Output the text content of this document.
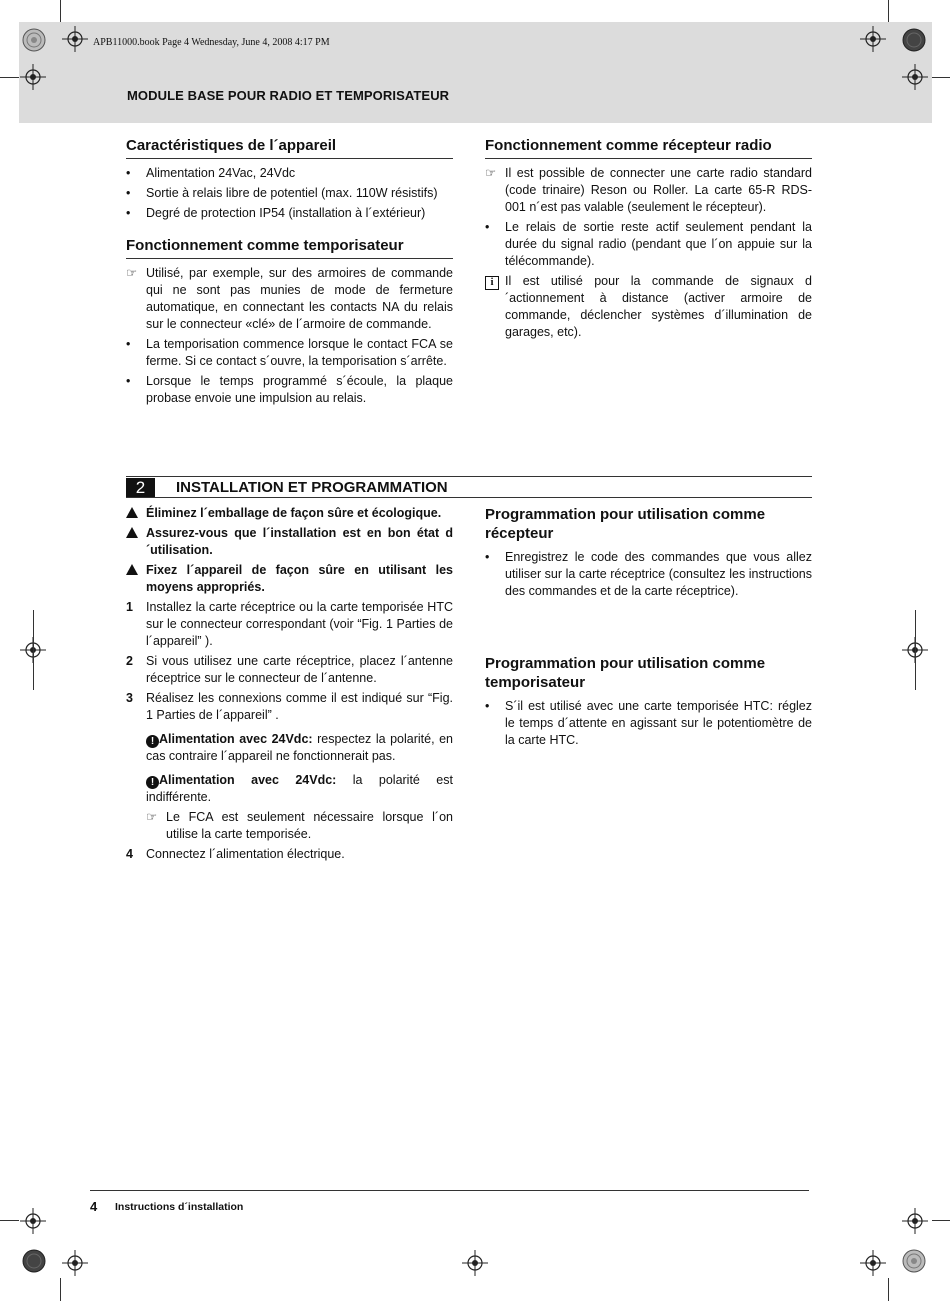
APB11000.book Page 4 Wednesday, June 4, 2008 4:17 PM
MODULE BASE POUR RADIO ET TEMPORISATEUR
Caractéristiques de l´appareil
•	Alimentation 24Vac, 24Vdc
•	Sortie à relais libre de potentiel (max. 110W résistifs)
•	Degré de protection IP54 (installation à l´extérieur)
Fonctionnement comme temporisateur
☞ Utilisé, par exemple, sur des armoires de commande qui ne sont pas munies de mode de fermeture automatique, en connectant les contacts NA du relais sur le connecteur «clé» de l´armoire de commande.
•	La temporisation commence lorsque le contact FCA se ferme. Si ce contact s´ouvre, la temporisation s´arrête.
•	Lorsque le temps programmé s´écoule, la plaque probase envoie une impulsion au relais.
Fonctionnement comme récepteur radio
☞ Il est possible de connecter une carte radio standard (code trinaire) Reson ou Roller. La carte 65-R RDS-001 n´est pas valable (seulement le récepteur).
•	Le relais de sortie reste actif seulement pendant la durée du signal radio (pendant que l´on appuie sur la télécommande).
i Il est utilisé pour la commande de signaux d´actionnement à distance (activer armoire de commande, déclencher systèmes d´illumination de garages, etc).
2	INSTALLATION ET PROGRAMMATION
Éliminez l´emballage de façon sûre et écologique.
Assurez-vous que l´installation est en bon état d´utilisation.
Fixez l´appareil de façon sûre en utilisant les moyens appropriés.
1	Installez la carte réceptrice ou la carte temporisée HTC sur le connecteur correspondant (voir “Fig. 1 Parties de l´appareil” ).
2	Si vous utilisez une carte réceptrice, placez l´antenne réceptrice sur le connecteur de l´antenne.
3	Réalisez les connexions comme il est indiqué sur “Fig. 1 Parties de l´appareil” .
! Alimentation avec 24Vdc: respectez la polarité, en cas contraire l´appareil ne fonctionnerait pas.
! Alimentation avec 24Vdc: la polarité est indifférente.
☞ Le FCA est seulement nécessaire lorsque l´on utilise la carte temporisée.
4	Connectez l´alimentation électrique.
Programmation pour utilisation comme récepteur
•	Enregistrez le code des commandes que vous allez utiliser sur la carte réceptrice (consultez les instructions des commandes et de la carte réceptrice).
Programmation pour utilisation comme temporisateur
•	S´il est utilisé avec une carte temporisée HTC: réglez le temps d´attente en agissant sur le potentiomètre de la carte HTC.
4 Instructions d´installation
